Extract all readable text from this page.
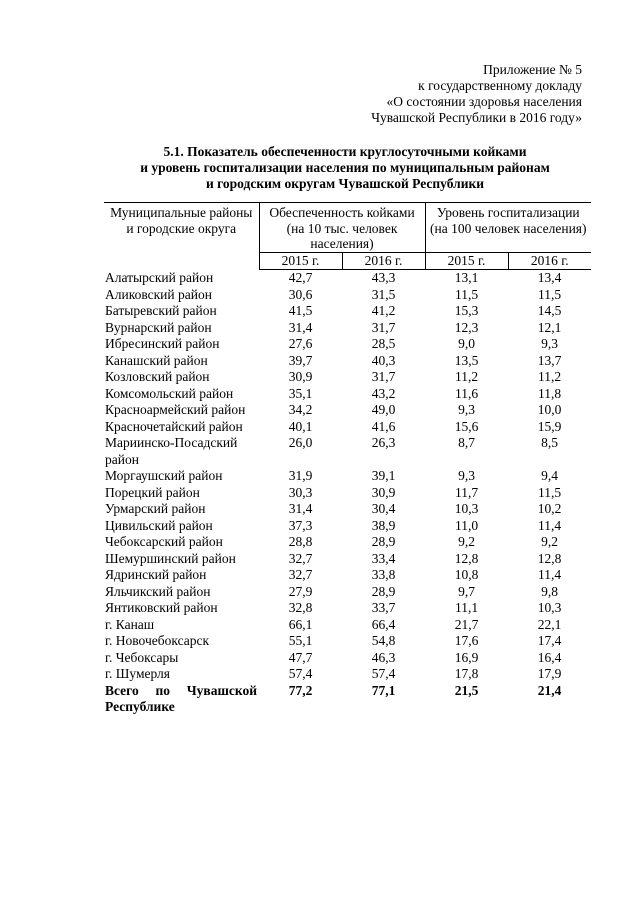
Приложение № 5
к государственному докладу
«О состоянии здоровья населения
Чувашской Республики в 2016 году»
5.1. Показатель обеспеченности круглосуточными койками
и уровень госпитализации населения по муниципальным районам
и городским округам Чувашской Республики
Муниципальные районы и городские округа	Обеспеченность койками (на 10 тыс. человек населения)		Уровень госпитализации (на 100 человек населения)	
	2015 г.	2016 г.	2015 г.	2016 г.
Алатырский район	42,7	43,3	13,1	13,4
Аликовский район	30,6	31,5	11,5	11,5
Батыревский район	41,5	41,2	15,3	14,5
Вурнарский район	31,4	31,7	12,3	12,1
Ибресинский район	27,6	28,5	9,0	9,3
Канашский район	39,7	40,3	13,5	13,7
Козловский район	30,9	31,7	11,2	11,2
Комсомольский район	35,1	43,2	11,6	11,8
Красноармейский район	34,2	49,0	9,3	10,0
Красночетайский район	40,1	41,6	15,6	15,9
Мариинско-Посадский район	26,0	26,3	8,7	8,5
Моргаушский район	31,9	39,1	9,3	9,4
Порецкий район	30,3	30,9	11,7	11,5
Урмарский район	31,4	30,4	10,3	10,2
Цивильский район	37,3	38,9	11,0	11,4
Чебоксарский район	28,8	28,9	9,2	9,2
Шемуршинский район	32,7	33,4	12,8	12,8
Ядринский район	32,7	33,8	10,8	11,4
Яльчикский район	27,9	28,9	9,7	9,8
Янтиковский район	32,8	33,7	11,1	10,3
г. Канаш	66,1	66,4	21,7	22,1
г. Новочебоксарск	55,1	54,8	17,6	17,4
г. Чебоксары	47,7	46,3	16,9	16,4
г. Шумерля	57,4	57,4	17,8	17,9
Всего по Чувашской Республике	77,2	77,1	21,5	21,4
